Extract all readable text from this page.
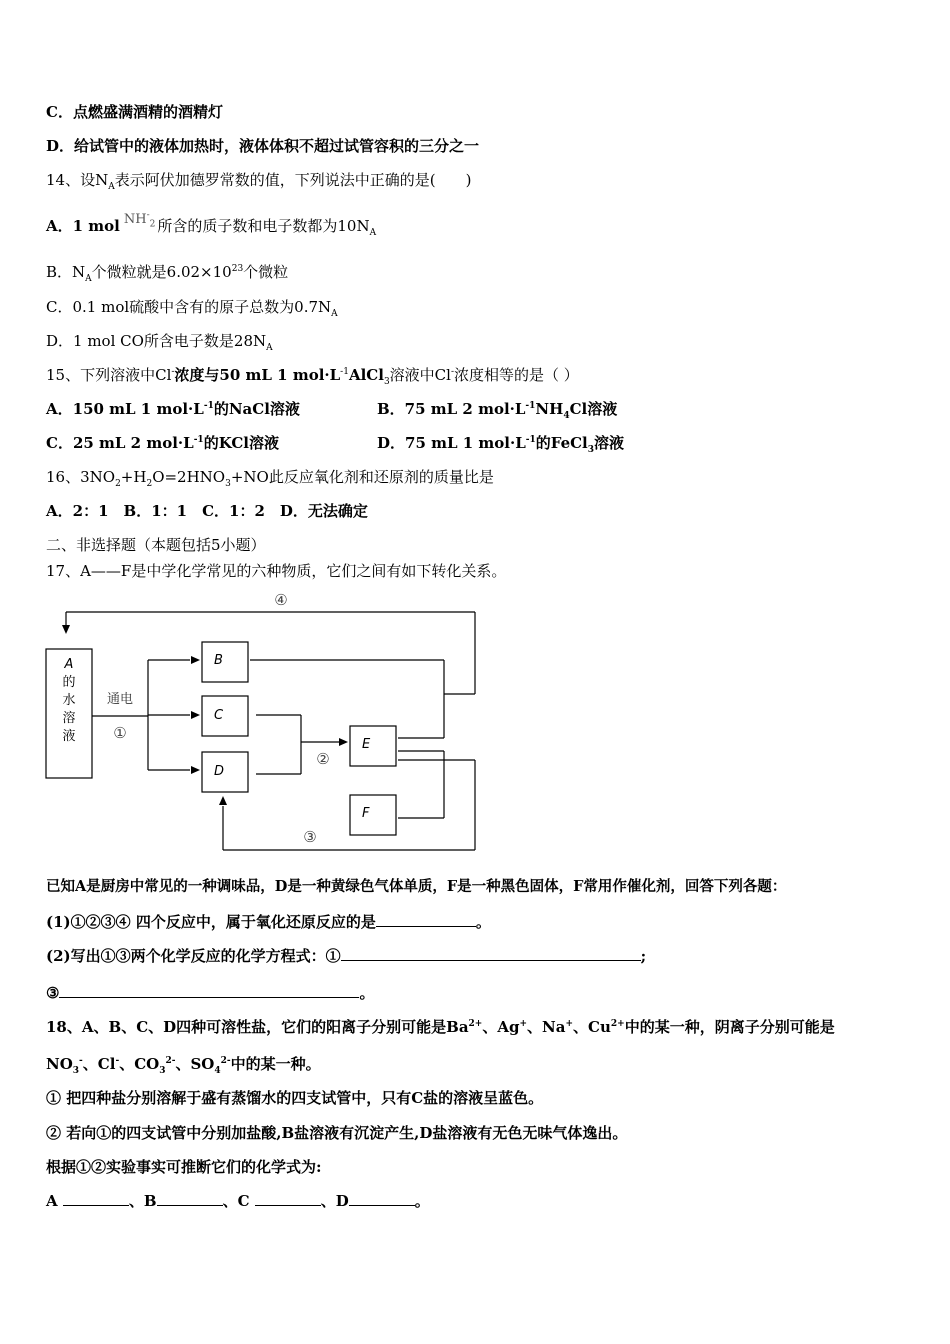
C．点燃盛满酒精的酒精灯
D．给试管中的液体加热时，液体体积不超过试管容积的三分之一
14、设$N_A$表示阿伏加德罗常数的值，下列说法中正确的是(　　)
A．1 mol $NH^-_2$ 所含的质子数和电子数都为$10N_A$
B．$N_A$个微粒就是$6.02\times 10^{23}$个微粒
C．0.1 mol硫酸中含有的原子总数为$0.7N_A$
D．1 mol CO所含电子数是$28N_A$
15、下列溶液中Cl-浓度与50 mL 1 $mol\cdot L^{-1}AlCl_3$溶液中Cl-浓度相等的是（ ）
A．150 mL 1 $mol\cdot L^{-1}$的NaCl溶液	B．75 mL 2 $mol\cdot L^{-1}NH_4Cl$溶液
C．25 mL 2 $mol\cdot L^{-1}$的KCl溶液	D．75 mL 1 $mol\cdot L^{-1}$的FeCl$_3$溶液
16、$3NO_2+H_2O=2HNO_3+NO$此反应氧化剂和还原剂的质量比是
A．2：1　B．1：1　C．1：2　D．无法确定
二、非选择题（本题包括5小题）
17、A——F是中学化学常见的六种物质，它们之间有如下转化关系。
A
的
水
溶
液
B
C
D
E
F
通电
①
②
③
④
已知A是厨房中常见的一种调味品，D是一种黄绿色气体单质，F是一种黑色固体，F常用作催化剂，回答下列各题：
(1)①②③④ 四个反应中，属于氧化还原反应的是	。
(2)写出①③两个化学反应的化学方程式：①	;
③	。
18、A、B、C、D四种可溶性盐，它们的阳离子分别可能是$Ba^{2+}$、Ag+、Na+、$Cu^{2+}$中的某一种，阴离子分别可能是
$NO_3^-$、Cl-、$CO_3^{2-}$、$SO_4^{2-}$中的某一种。
① 把四种盐分别溶解于盛有蒸馏水的四支试管中，只有C盐的溶液呈蓝色。
② 若向①的四支试管中分别加盐酸,B盐溶液有沉淀产生,D盐溶液有无色无味气体逸出。
根据①②实验事实可推断它们的化学式为:
A	、B	、C	、D	。
